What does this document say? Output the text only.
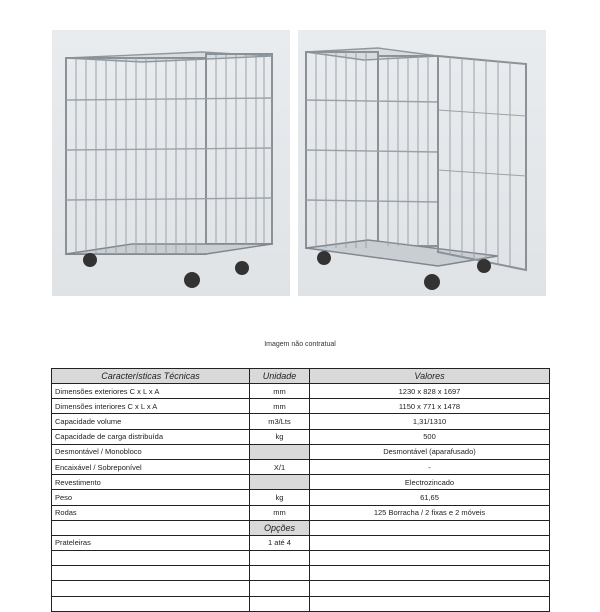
Imagem não contratual
Características Técnicas	Unidade	Valores
Dimensões exteriores C x L x A	mm	1230 x 828 x 1697
Dimensões interiores C x L x A	mm	1150 x 771 x 1478
Capacidade volume	m3/Lts	1,31/1310
Capacidade de carga distribuída	kg	500
Desmontável / Monobloco		Desmontável (aparafusado)
Encaixável / Sobreponível	X/1	-
Revestimento		Electrozincado
Peso	kg	61,65
Rodas	mm	125 Borracha / 2 fixas e 2 móveis
	Opções	
Prateleiras	1 até 4	
